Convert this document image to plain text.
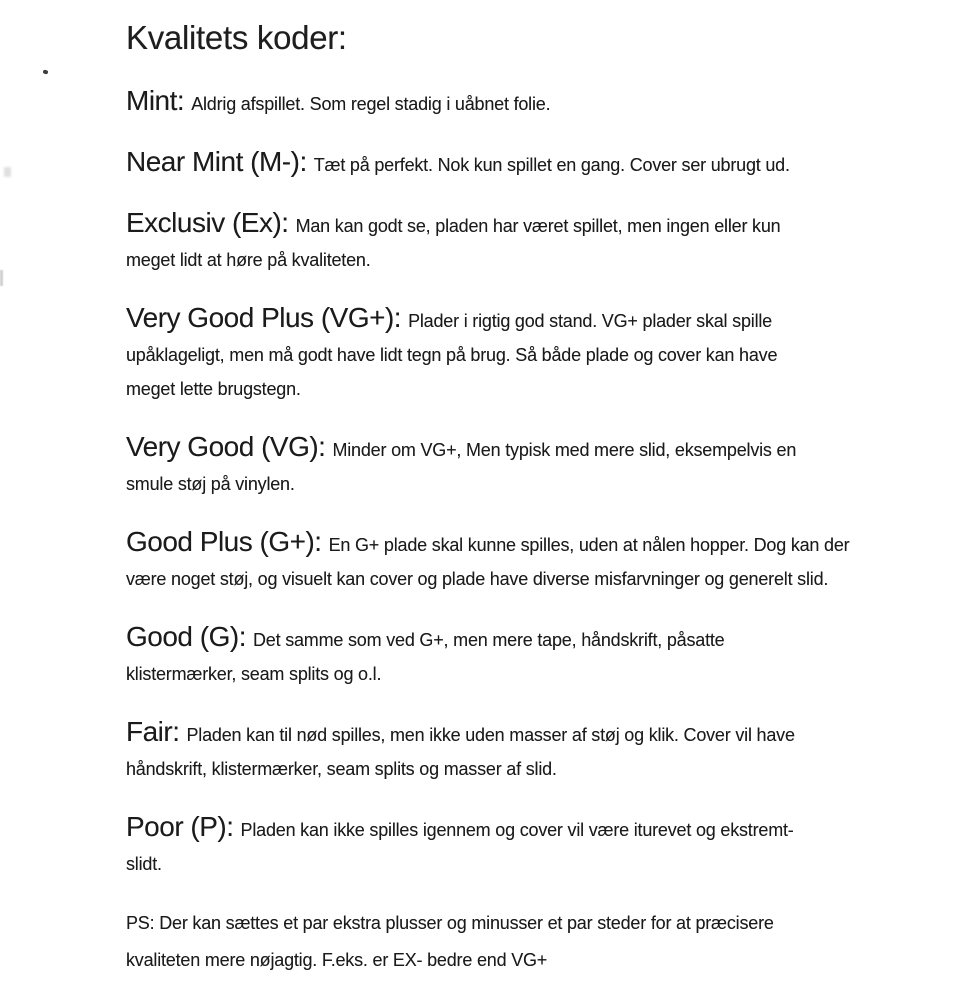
Kvalitets koder:

Mint: Aldrig afspillet. Som regel stadig i uåbnet folie.

Near Mint (M-): Tæt på perfekt. Nok kun spillet en gang. Cover ser ubrugt ud.

Exclusiv (Ex): Man kan godt se, pladen har været spillet, men ingen eller kun
meget lidt at høre på kvaliteten.

Very Good Plus (VG+): Plader i rigtig god stand. VG+ plader skal spille
upåklageligt, men må godt have lidt tegn på brug. Så både plade og cover kan have
meget lette brugstegn.

Very Good (VG): Minder om VG+, Men typisk med mere slid, eksempelvis en
smule støj på vinylen.

Good Plus (G+): En G+ plade skal kunne spilles, uden at nålen hopper. Dog kan der
være noget støj, og visuelt kan cover og plade have diverse misfarvninger og generelt slid.

Good (G): Det samme som ved G+, men mere tape, håndskrift, påsatte
klistermærker, seam splits og o.l.

Fair: Pladen kan til nød spilles, men ikke uden masser af støj og klik. Cover vil have
håndskrift, klistermærker, seam splits og masser af slid.

Poor (P): Pladen kan ikke spilles igennem og cover vil være iturevet og ekstremt-
slidt.

PS: Der kan sættes et par ekstra plusser og minusser et par steder for at præcisere
kvaliteten mere nøjagtig. F.eks. er EX- bedre end VG+
